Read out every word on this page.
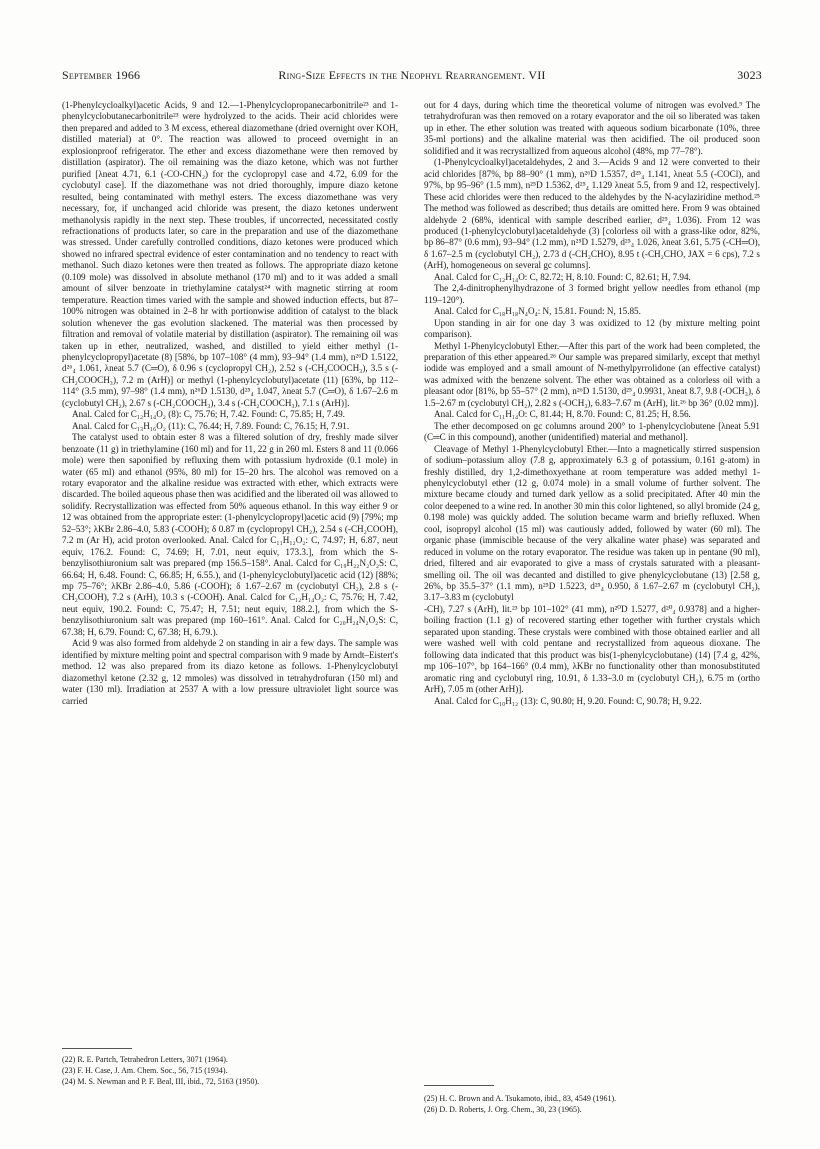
September 1966	Ring-Size Effects in the Neophyl Rearrangement. VII	3023

(1-Phenylcycloalkyl)acetic Acids, 9 and 12.—1-Phenylcyclopropanecarbonitrile²³ and 1-phenylcyclobutanecarbonitrile²³ were hydrolyzed to the acids. Their acid chlorides were then prepared and added to 3 M excess, ethereal diazomethane (dried overnight over KOH, distilled material) at 0°. The reaction was allowed to proceed overnight in an explosionproof refrigerator. The ether and excess diazomethane were then removed by distillation (aspirator). The oil remaining was the diazo ketone, which was not further purified [λneat 4.71, 6.1 (-CO-CHN₂) for the cyclopropyl case and 4.72, 6.09 for the cyclobutyl case]. If the diazomethane was not dried thoroughly, impure diazo ketone resulted, being contaminated with methyl esters. The excess diazomethane was very necessary, for, if unchanged acid chloride was present, the diazo ketones underwent methanolysis rapidly in the next step. These troubles, if uncorrected, necessitated costly refractionations of products later, so care in the preparation and use of the diazomethane was stressed. Under carefully controlled conditions, diazo ketones were produced which showed no infrared spectral evidence of ester contamination and no tendency to react with methanol. Such diazo ketones were then treated as follows. The appropriate diazo ketone (0.109 mole) was dissolved in absolute methanol (170 ml) and to it was added a small amount of silver benzoate in triethylamine catalyst²⁴ with magnetic stirring at room temperature. Reaction times varied with the sample and showed induction effects, but 87–100% nitrogen was obtained in 2–8 hr with portionwise addition of catalyst to the black solution whenever the gas evolution slackened. The material was then processed by filtration and removal of volatile material by distillation (aspirator). The remaining oil was taken up in ether, neutralized, washed, and distilled to yield either methyl (1-phenylcyclopropyl)acetate (8) [58%, bp 107–108° (4 mm), 93–94° (1.4 mm), n²⁶D 1.5122, d²⁶₄ 1.061, λneat 5.7 (C═O), δ 0.96 s (cyclopropyl CH₂), 2.52 s (-CH₂COOCH₃), 3.5 s (-CH₂COOCH₃), 7.2 m (ArH)] or methyl (1-phenylcyclobutyl)acetate (11) [63%, bp 112–114° (3.5 mm), 97–98° (1.4 mm), n²⁶D 1.5130, d²⁵₄ 1.047, λneat 5.7 (C═O), δ 1.67–2.6 m (cyclobutyl CH₂), 2.67 s (-CH₂COOCH₃), 3.4 s (-CH₂COOCH₃), 7.1 s (ArH)].

Anal. Calcd for C₁₂H₁₄O₂ (8): C, 75.76; H, 7.42. Found: C, 75.85; H, 7.49.

Anal. Calcd for C₁₃H₁₆O₂ (11): C, 76.44; H, 7.89. Found: C, 76.15; H, 7.91.

The catalyst used to obtain ester 8 was a filtered solution of dry, freshly made silver benzoate (11 g) in triethylamine (160 ml) and for 11, 22 g in 260 ml. Esters 8 and 11 (0.066 mole) were then saponified by refluxing them with potassium hydroxide (0.1 mole) in water (65 ml) and ethanol (95%, 80 ml) for 15–20 hrs. The alcohol was removed on a rotary evaporator and the alkaline residue was extracted with ether, which extracts were discarded. The boiled aqueous phase then was acidified and the liberated oil was allowed to solidify. Recrystallization was effected from 50% aqueous ethanol. In this way either 9 or 12 was obtained from the appropriate ester: (1-phenylcyclopropyl)acetic acid (9) [79%; mp 52–53°; λKBr 2.86–4.0, 5.83 (-COOH); δ 0.87 m (cyclopropyl CH₂), 2.54 s (-CH₂COOH), 7.2 m (Ar H), acid proton overlooked. Anal. Calcd for C₁₁H₁₂O₂: C, 74.97; H, 6.87, neut equiv, 176.2. Found: C, 74.69; H, 7.01, neut equiv, 173.3.], from which the S-benzylisothiuronium salt was prepared (mp 156.5–158°. Anal. Calcd for C₁₉H₂₂N₂O₂S: C, 66.64; H, 6.48. Found: C, 66.85; H, 6.55.), and (1-phenylcyclobutyl)acetic acid (12) [88%; mp 75–76°; λKBr 2.86–4.0, 5.86 (-COOH); δ 1.67–2.67 m (cyclobutyl CH₂), 2.8 s (-CH₂COOH), 7.2 s (ArH), 10.3 s (-COOH). Anal. Calcd for C₁₂H₁₄O₂: C, 75.76; H, 7.42, neut equiv, 190.2. Found: C, 75.47; H, 7.51; neut equiv, 188.2.], from which the S-benzylisothiuronium salt was prepared (mp 160–161°. Anal. Calcd for C₂₀H₂₄N₂O₂S: C, 67.38; H, 6.79. Found: C, 67.38; H, 6.79.).

Acid 9 was also formed from aldehyde 2 on standing in air a few days. The sample was identified by mixture melting point and spectral comparison with 9 made by Arndt–Eistert's method. 12 was also prepared from its diazo ketone as follows. 1-Phenylcyclobutyl diazomethyl ketone (2.32 g, 12 mmoles) was dissolved in tetrahydrofuran (150 ml) and water (130 ml). Irradiation at 2537 A with a low pressure ultraviolet light source was carried

out for 4 days, during which time the theoretical volume of nitrogen was evolved.⁹ The tetrahydrofuran was then removed on a rotary evaporator and the oil so liberated was taken up in ether. The ether solution was treated with aqueous sodium bicarbonate (10%, three 35-ml portions) and the alkaline material was then acidified. The oil produced soon solidified and it was recrystallized from aqueous alcohol (48%, mp 77–78°).

(1-Phenylcycloalkyl)acetaldehydes, 2 and 3.—Acids 9 and 12 were converted to their acid chlorides [87%, bp 88–90° (1 mm), n²⁶D 1.5357, d²⁵₄ 1.141, λneat 5.5 (-COCl), and 97%, bp 95–96° (1.5 mm), n²⁵D 1.5362, d²⁵₄ 1.129 λneat 5.5, from 9 and 12, respectively]. These acid chlorides were then reduced to the aldehydes by the N-acylaziridine method.²⁵ The method was followed as described; thus details are omitted here. From 9 was obtained aldehyde 2 (68%, identical with sample described earlier, d²⁵₄ 1.036). From 12 was produced (1-phenylcyclobutyl)acetaldehyde (3) [colorless oil with a grass-like odor, 82%, bp 86–87° (0.6 mm), 93–94° (1.2 mm), n²⁵D 1.5279, d²⁵₄ 1.026, λneat 3.61, 5.75 (-CH═O), δ 1.67–2.5 m (cyclobutyl CH₂), 2.73 d (-CH₂CHO), 8.95 t (-CH₂CHO, JAX = 6 cps), 7.2 s (ArH), homogeneous on several gc columns].

Anal. Calcd for C₁₂H₁₄O: C, 82.72; H, 8.10. Found: C, 82.61; H, 7.94.

The 2,4-dinitrophenylhydrazone of 3 formed bright yellow needles from ethanol (mp 119–120°).

Anal. Calcd for C₁₈H₁₈N₄O₄: N, 15.81. Found: N, 15.85.

Upon standing in air for one day 3 was oxidized to 12 (by mixture melting point comparison).

Methyl 1-Phenylcyclobutyl Ether.—After this part of the work had been completed, the preparation of this ether appeared.²⁶ Our sample was prepared similarly, except that methyl iodide was employed and a small amount of N-methylpyrrolidone (an effective catalyst) was admixed with the benzene solvent. The ether was obtained as a colorless oil with a pleasant odor [81%, bp 55–57° (2 mm), n²⁶D 1.5130, d²⁵₄ 0.9931, λneat 8.7, 9.8 (-OCH₃), δ 1.5–2.67 m (cyclobutyl CH₂), 2.82 s (-OCH₃), 6.83–7.67 m (ArH), lit.²⁶ bp 36° (0.02 mm)].

Anal. Calcd for C₁₁H₁₄O: C, 81.44; H, 8.70. Found: C, 81.25; H, 8.56.

The ether decomposed on gc columns around 200° to 1-phenylcyclobutene [λneat 5.91 (C═C in this compound), another (unidentified) material and methanol].

Cleavage of Methyl 1-Phenylcyclobutyl Ether.—Into a magnetically stirred suspension of sodium–potassium alloy (7.8 g, approximately 6.3 g of potassium, 0.161 g-atom) in freshly distilled, dry 1,2-dimethoxyethane at room temperature was added methyl 1-phenylcyclobutyl ether (12 g, 0.074 mole) in a small volume of further solvent. The mixture became cloudy and turned dark yellow as a solid precipitated. After 40 min the color deepened to a wine red. In another 30 min this color lightened, so allyl bromide (24 g, 0.198 mole) was quickly added. The solution became warm and briefly refluxed. When cool, isopropyl alcohol (15 ml) was cautiously added, followed by water (60 ml). The organic phase (immiscible because of the very alkaline water phase) was separated and reduced in volume on the rotary evaporator. The residue was taken up in pentane (90 ml), dried, filtered and air evaporated to give a mass of crystals saturated with a pleasant-smelling oil. The oil was decanted and distilled to give phenylcyclobutane (13) [2.58 g, 26%, bp 35.5–37° (1.1 mm), n²⁵D 1.5223, d²⁵₄ 0.950, δ 1.67–2.67 m (cyclobutyl CH₂), 3.17–3.83 m (cyclobutyl

-CH), 7.27 s (ArH), lit.²³ bp 101–102° (41 mm), n²⁰D 1.5277, d²⁰₄ 0.9378] and a higher-boiling fraction (1.1 g) of recovered starting ether together with further crystals which separated upon standing. These crystals were combined with those obtained earlier and all were washed well with cold pentane and recrystallized from aqueous dioxane. The following data indicated that this product was bis(1-phenylcyclobutane) (14) [7.4 g, 42%, mp 106–107°, bp 164–166° (0.4 mm), λKBr no functionality other than monosubstituted aromatic ring and cyclobutyl ring, 10.91, δ 1.33–3.0 m (cyclobutyl CH₂), 6.75 m (ortho ArH), 7.05 m (other ArH)].

Anal. Calcd for C₁₀H₁₂ (13): C, 90.80; H, 9.20. Found: C, 90.78; H, 9.22.

(22) R. E. Partch, Tetrahedron Letters, 3071 (1964).
(23) F. H. Case, J. Am. Chem. Soc., 56, 715 (1934).
(24) M. S. Newman and P. F. Beal, III, ibid., 72, 5163 (1950).
(25) H. C. Brown and A. Tsukamoto, ibid., 83, 4549 (1961).
(26) D. D. Roberts, J. Org. Chem., 30, 23 (1965).
